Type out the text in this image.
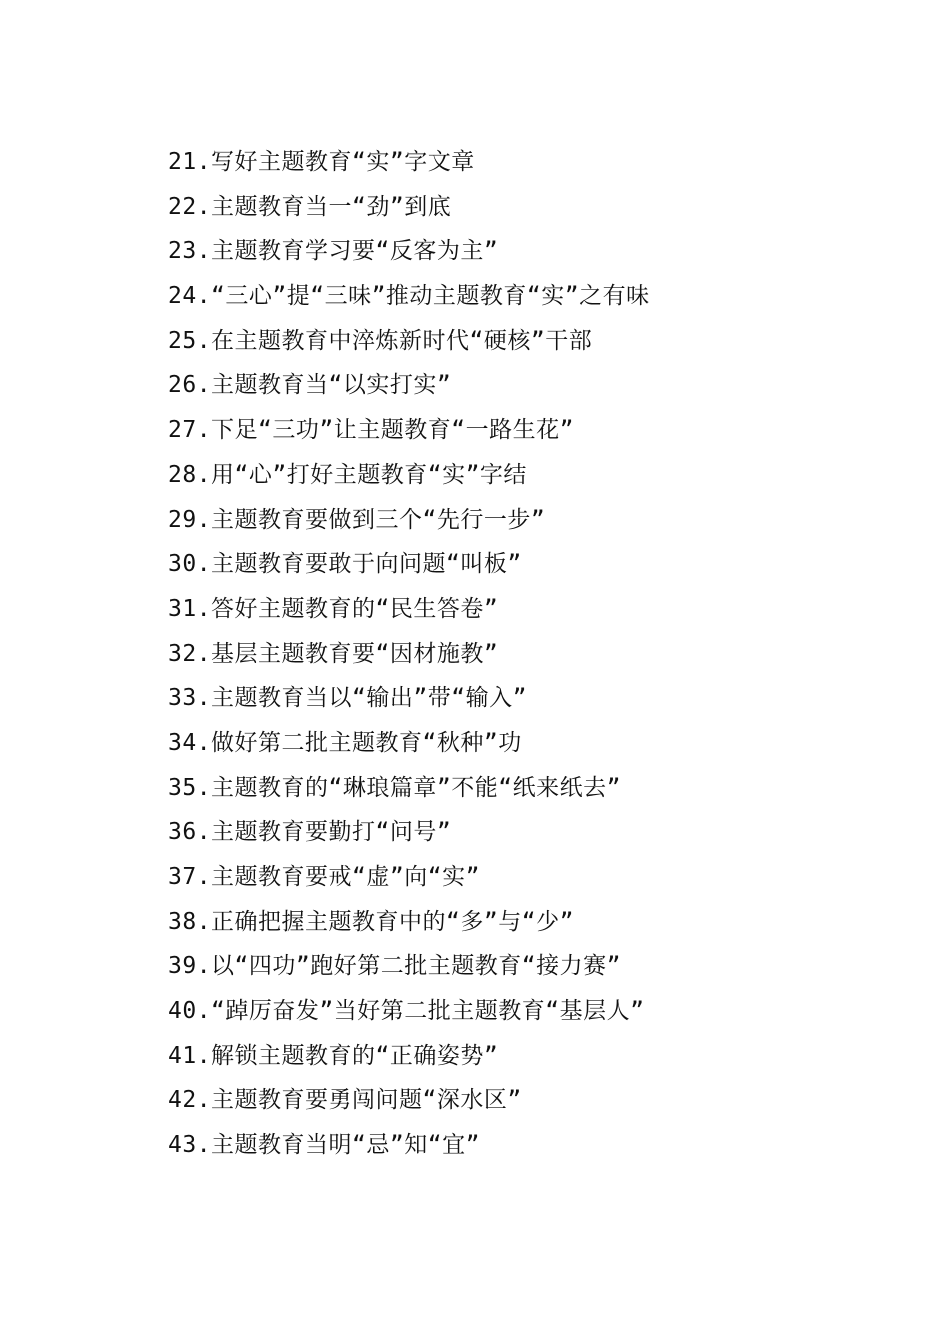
21.写好主题教育“实”字文章
22.主题教育当一“劲”到底
23.主题教育学习要“反客为主”
24.“三心”提“三味”推动主题教育“实”之有味
25.在主题教育中淬炼新时代“硬核”干部
26.主题教育当“以实打实”
27.下足“三功”让主题教育“一路生花”
28.用“心”打好主题教育“实”字结
29.主题教育要做到三个“先行一步”
30.主题教育要敢于向问题“叫板”
31.答好主题教育的“民生答卷”
32.基层主题教育要“因材施教”
33.主题教育当以“输出”带“输入”
34.做好第二批主题教育“秋种”功
35.主题教育的“琳琅篇章”不能“纸来纸去”
36.主题教育要勤打“问号”
37.主题教育要戒“虚”向“实”
38.正确把握主题教育中的“多”与“少”
39.以“四功”跑好第二批主题教育“接力赛”
40.“踔厉奋发”当好第二批主题教育“基层人”
41.解锁主题教育的“正确姿势”
42.主题教育要勇闯问题“深水区”
43.主题教育当明“忌”知“宜”
